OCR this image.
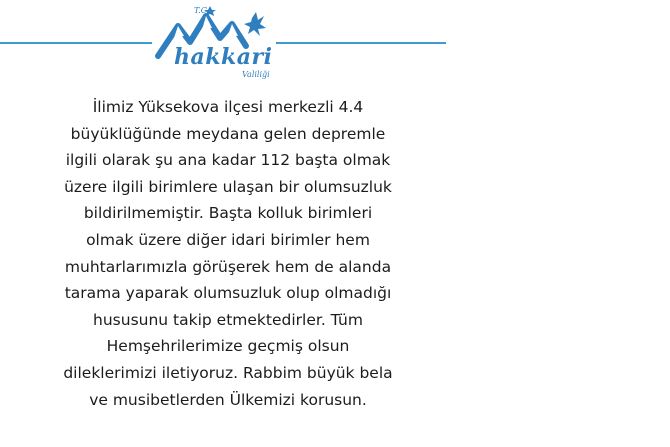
T.C.
hakkari
Valiliği

İlimiz Yüksekova ilçesi merkezli 4.4
büyüklüğünde meydana gelen depremle
ilgili olarak şu ana kadar 112 başta olmak
üzere ilgili birimlere ulaşan bir olumsuzluk
bildirilmemiştir. Başta kolluk birimleri
olmak üzere diğer idari birimler hem
muhtarlarımızla görüşerek hem de alanda
tarama yaparak olumsuzluk olup olmadığı
hususunu takip etmektedirler. Tüm
Hemşehrilerimize geçmiş olsun
dileklerimizi iletiyoruz. Rabbim büyük bela
ve musibetlerden Ülkemizi korusun.
